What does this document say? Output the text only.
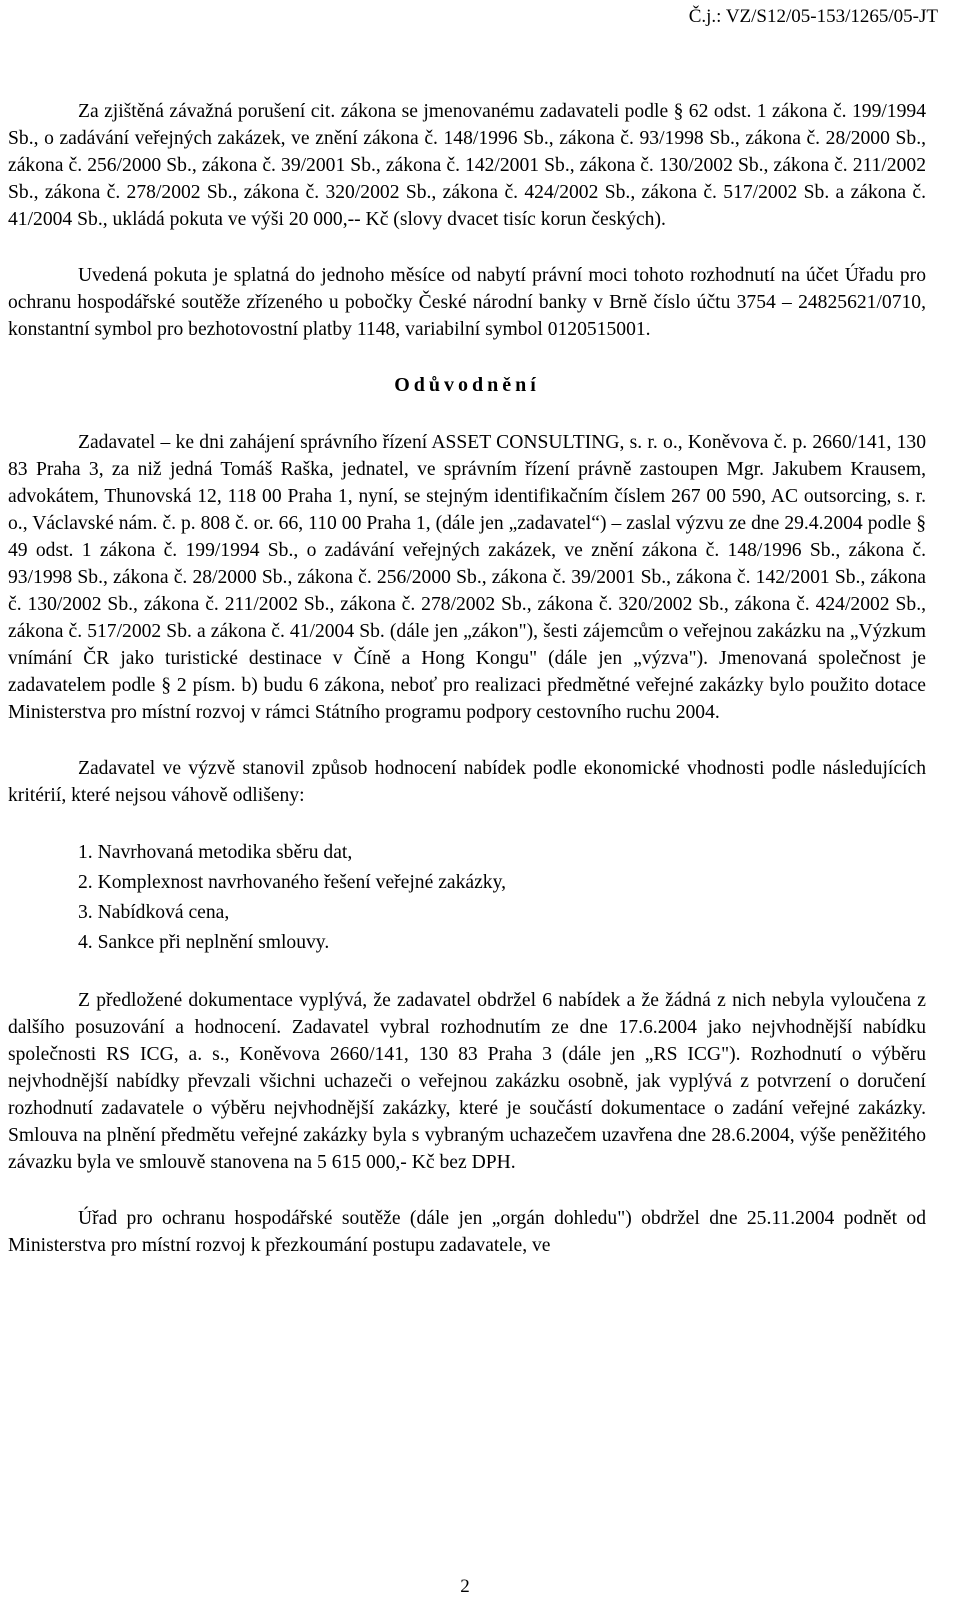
Č.j.: VZ/S12/05-153/1265/05-JT

Za zjištěná závažná porušení cit. zákona se jmenovanému zadavateli podle § 62 odst. 1 zákona č. 199/1994 Sb., o zadávání veřejných zakázek, ve znění zákona č. 148/1996 Sb., zákona č. 93/1998 Sb., zákona č. 28/2000 Sb., zákona č. 256/2000 Sb., zákona č. 39/2001 Sb., zákona č. 142/2001 Sb., zákona č. 130/2002 Sb., zákona č. 211/2002 Sb., zákona č. 278/2002 Sb., zákona č. 320/2002 Sb., zákona č. 424/2002 Sb., zákona č. 517/2002 Sb. a zákona č. 41/2004 Sb., ukládá pokuta ve výši 20 000,-- Kč (slovy dvacet tisíc korun českých).

Uvedená pokuta je splatná do jednoho měsíce od nabytí právní moci tohoto rozhodnutí na účet Úřadu pro ochranu hospodářské soutěže zřízeného u pobočky České národní banky v Brně číslo účtu 3754 – 24825621/0710, konstantní symbol pro bezhotovostní platby 1148, variabilní symbol 0120515001.

Odůvodnění

Zadavatel – ke dni zahájení správního řízení ASSET CONSULTING, s. r. o., Koněvova č. p. 2660/141, 130 83 Praha 3, za niž jedná Tomáš Raška, jednatel, ve správním řízení právně zastoupen Mgr. Jakubem Krausem, advokátem, Thunovská 12, 118 00 Praha 1, nyní, se stejným identifikačním číslem 267 00 590, AC outsorcing, s. r. o., Václavské nám. č. p. 808 č. or. 66, 110 00 Praha 1, (dále jen „zadavatel“) – zaslal výzvu ze dne 29.4.2004 podle § 49 odst. 1 zákona č. 199/1994 Sb., o zadávání veřejných zakázek, ve znění zákona č. 148/1996 Sb., zákona č. 93/1998 Sb., zákona č. 28/2000 Sb., zákona č. 256/2000 Sb., zákona č. 39/2001 Sb., zákona č. 142/2001 Sb., zákona č. 130/2002 Sb., zákona č. 211/2002 Sb., zákona č. 278/2002 Sb., zákona č. 320/2002 Sb., zákona č. 424/2002 Sb., zákona č. 517/2002 Sb. a zákona č. 41/2004 Sb. (dále jen „zákon"), šesti zájemcům o veřejnou zakázku na „Výzkum vnímání ČR jako turistické destinace v Číně a Hong Kongu" (dále jen „výzva"). Jmenovaná společnost je zadavatelem podle § 2 písm. b) budu 6 zákona, neboť pro realizaci předmětné veřejné zakázky bylo použito dotace Ministerstva pro místní rozvoj v rámci Státního programu podpory cestovního ruchu 2004.

Zadavatel ve výzvě stanovil způsob hodnocení nabídek podle ekonomické vhodnosti podle následujících kritérií, které nejsou váhově odlišeny:

1. Navrhovaná metodika sběru dat,
2. Komplexnost navrhovaného řešení veřejné zakázky,
3. Nabídková cena,
4. Sankce při neplnění smlouvy.

Z předložené dokumentace vyplývá, že zadavatel obdržel 6 nabídek a že žádná z nich nebyla vyloučena z dalšího posuzování a hodnocení. Zadavatel vybral rozhodnutím ze dne 17.6.2004 jako nejvhodnější nabídku společnosti RS ICG, a. s., Koněvova 2660/141, 130 83 Praha 3 (dále jen „RS ICG"). Rozhodnutí o výběru nejvhodnější nabídky převzali všichni uchazeči o veřejnou zakázku osobně, jak vyplývá z potvrzení o doručení rozhodnutí zadavatele o výběru nejvhodnější zakázky, které je součástí dokumentace o zadání veřejné zakázky. Smlouva na plnění předmětu veřejné zakázky byla s vybraným uchazečem uzavřena dne 28.6.2004, výše peněžitého závazku byla ve smlouvě stanovena na 5 615 000,- Kč bez DPH.

Úřad pro ochranu hospodářské soutěže (dále jen „orgán dohledu") obdržel dne 25.11.2004 podnět od Ministerstva pro místní rozvoj k přezkoumání postupu zadavatele, ve

2
